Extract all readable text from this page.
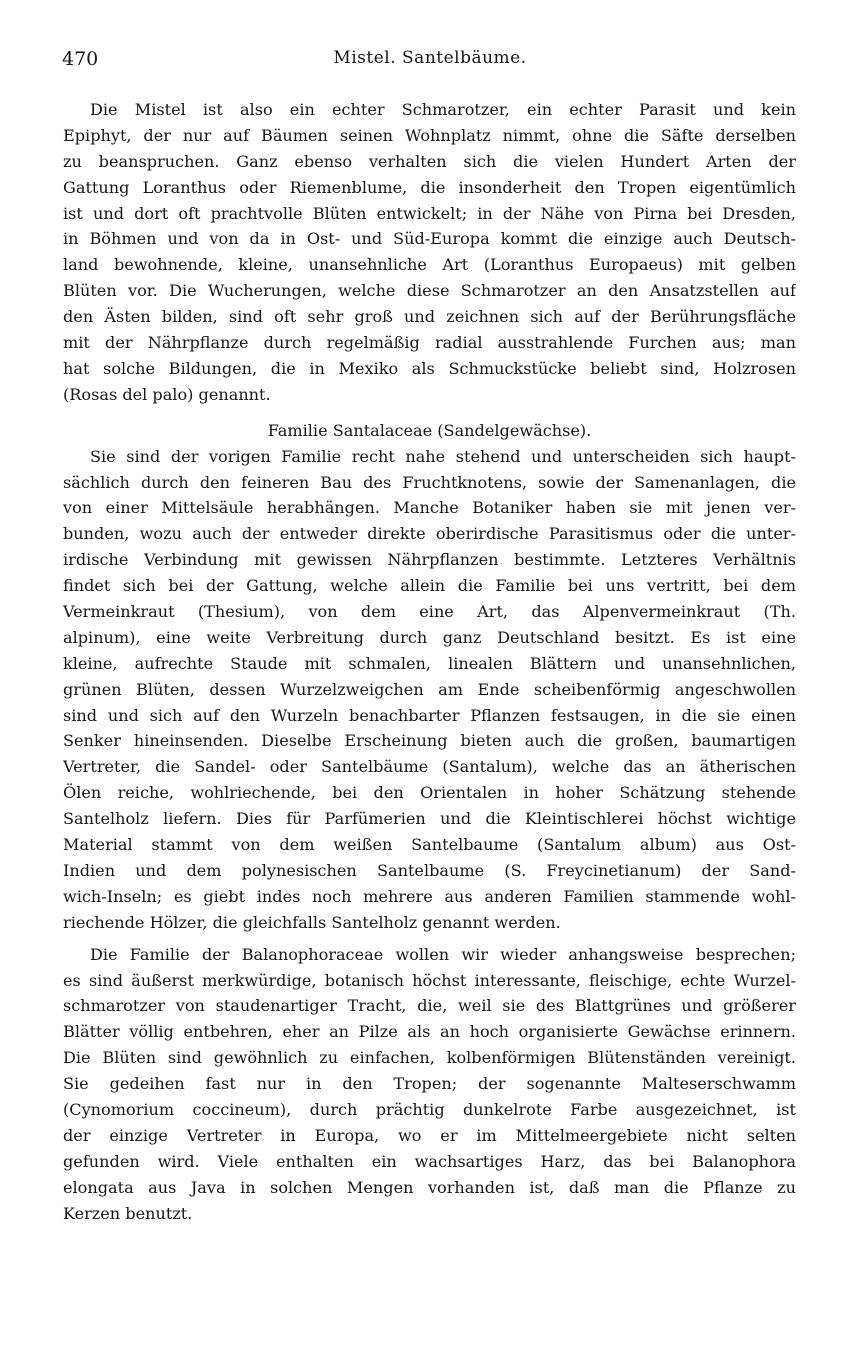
470	Mistel. Santelbäume.
Die Mistel ist also ein echter Schmarotzer, ein echter Parasit und kein
Epiphyt, der nur auf Bäumen seinen Wohnplatz nimmt, ohne die Säfte derselben
zu beanspruchen. Ganz ebenso verhalten sich die vielen Hundert Arten der
Gattung Loranthus oder Riemenblume, die insonderheit den Tropen eigentümlich
ist und dort oft prachtvolle Blüten entwickelt; in der Nähe von Pirna bei Dresden,
in Böhmen und von da in Ost- und Süd-Europa kommt die einzige auch Deutsch-
land bewohnende, kleine, unansehnliche Art (Loranthus Europaeus) mit gelben
Blüten vor. Die Wucherungen, welche diese Schmarotzer an den Ansatzstellen auf
den Ästen bilden, sind oft sehr groß und zeichnen sich auf der Berührungsfläche
mit der Nährpflanze durch regelmäßig radial ausstrahlende Furchen aus; man
hat solche Bildungen, die in Mexiko als Schmuckstücke beliebt sind, Holzrosen
(Rosas del palo) genannt.
Familie Santalaceae (Sandelgewächse).
Sie sind der vorigen Familie recht nahe stehend und unterscheiden sich haupt-
sächlich durch den feineren Bau des Fruchtknotens, sowie der Samenanlagen, die
von einer Mittelsäule herabhängen. Manche Botaniker haben sie mit jenen ver-
bunden, wozu auch der entweder direkte oberirdische Parasitismus oder die unter-
irdische Verbindung mit gewissen Nährpflanzen bestimmte. Letzteres Verhältnis
findet sich bei der Gattung, welche allein die Familie bei uns vertritt, bei dem
Vermeinkraut (Thesium), von dem eine Art, das Alpenvermeinkraut (Th.
alpinum), eine weite Verbreitung durch ganz Deutschland besitzt. Es ist eine
kleine, aufrechte Staude mit schmalen, linealen Blättern und unansehnlichen,
grünen Blüten, dessen Wurzelzweigchen am Ende scheibenförmig angeschwollen
sind und sich auf den Wurzeln benachbarter Pflanzen festsaugen, in die sie einen
Senker hineinsenden. Dieselbe Erscheinung bieten auch die großen, baumartigen
Vertreter, die Sandel- oder Santelbäume (Santalum), welche das an ätherischen
Ölen reiche, wohlriechende, bei den Orientalen in hoher Schätzung stehende
Santelholz liefern. Dies für Parfümerien und die Kleintischlerei höchst wichtige
Material stammt von dem weißen Santelbaume (Santalum album) aus Ost-
Indien und dem polynesischen Santelbaume (S. Freycinetianum) der Sand-
wich-Inseln; es giebt indes noch mehrere aus anderen Familien stammende wohl-
riechende Hölzer, die gleichfalls Santelholz genannt werden.
Die Familie der Balanophoraceae wollen wir wieder anhangsweise besprechen;
es sind äußerst merkwürdige, botanisch höchst interessante, fleischige, echte Wurzel-
schmarotzer von staudenartiger Tracht, die, weil sie des Blattgrünes und größerer
Blätter völlig entbehren, eher an Pilze als an hoch organisierte Gewächse erinnern.
Die Blüten sind gewöhnlich zu einfachen, kolbenförmigen Blütenständen vereinigt.
Sie gedeihen fast nur in den Tropen; der sogenannte Malteserschwamm
(Cynomorium coccineum), durch prächtig dunkelrote Farbe ausgezeichnet, ist
der einzige Vertreter in Europa, wo er im Mittelmeergebiete nicht selten
gefunden wird. Viele enthalten ein wachsartiges Harz, das bei Balanophora
elongata aus Java in solchen Mengen vorhanden ist, daß man die Pflanze zu
Kerzen benutzt.
